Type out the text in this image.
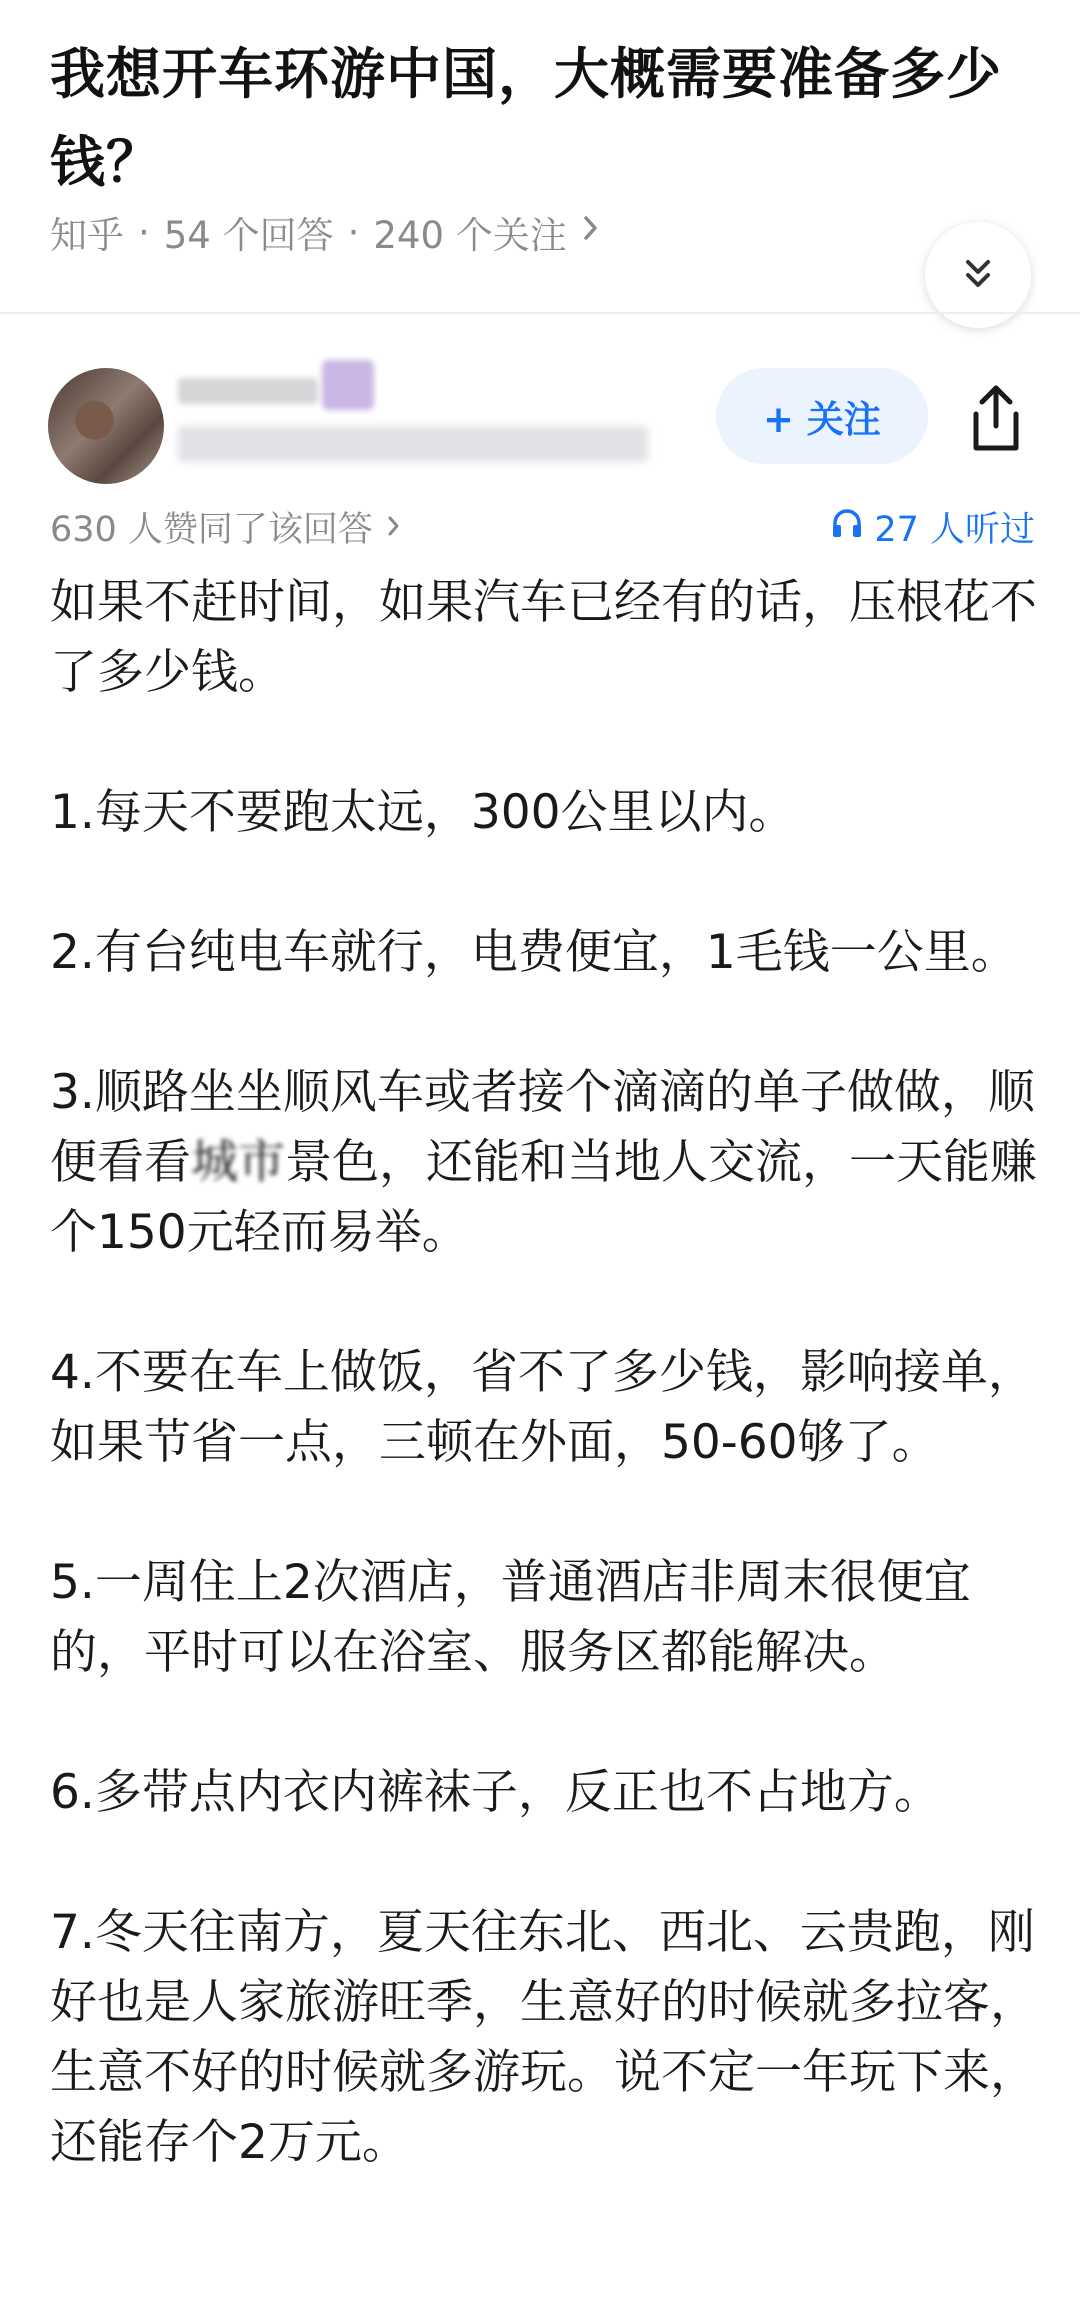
我想开车环游中国，大概需要准备多少钱？
知乎 · 54 个回答 · 240 个关注
+ 关注
630 人赞同了该回答	27 人听过

如果不赶时间，如果汽车已经有的话，压根花不了多少钱。

1.每天不要跑太远，300公里以内。

2.有台纯电车就行，电费便宜，1毛钱一公里。

3.顺路坐坐顺风车或者接个滴滴的单子做做，顺便看看城市景色，还能和当地人交流，一天能赚个150元轻而易举。

4.不要在车上做饭，省不了多少钱，影响接单，如果节省一点，三顿在外面，50-60够了。

5.一周住上2次酒店，普通酒店非周末很便宜的，平时可以在浴室、服务区都能解决。

6.多带点内衣内裤袜子，反正也不占地方。

7.冬天往南方，夏天往东北、西北、云贵跑，刚好也是人家旅游旺季，生意好的时候就多拉客，生意不好的时候就多游玩。说不定一年玩下来，还能存个2万元。
